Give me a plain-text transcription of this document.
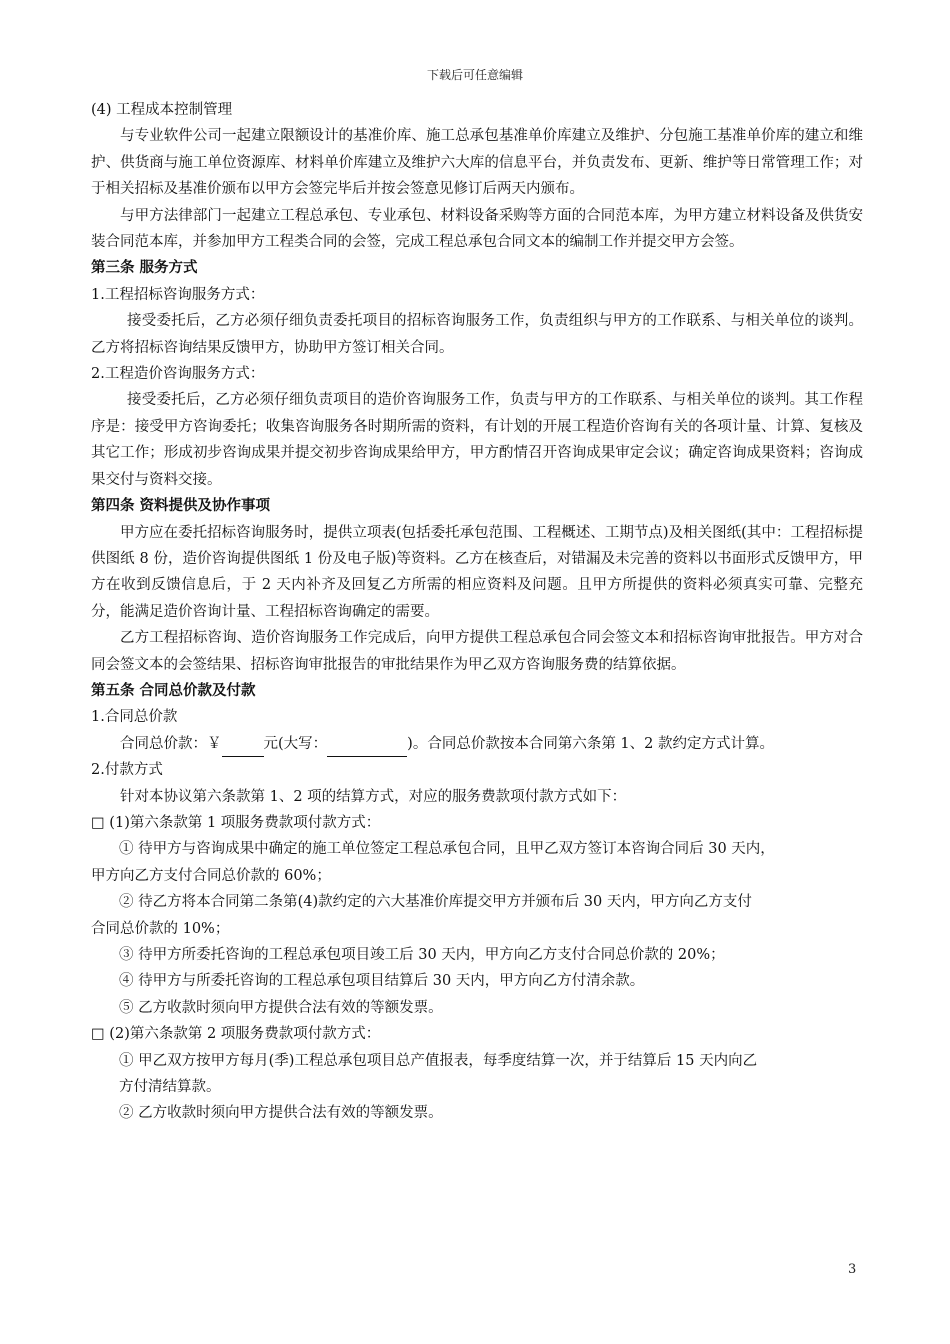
下载后可任意编辑

(4) 工程成本控制管理

与专业软件公司一起建立限额设计的基准价库、施工总承包基准单价库建立及维护、分包施工基准单价库的建立和维护、供货商与施工单位资源库、材料单价库建立及维护六大库的信息平台，并负责发布、更新、维护等日常管理工作；对于相关招标及基准价颁布以甲方会签完毕后并按会签意见修订后两天内颁布。

与甲方法律部门一起建立工程总承包、专业承包、材料设备采购等方面的合同范本库，为甲方建立材料设备及供货安装合同范本库，并参加甲方工程类合同的会签，完成工程总承包合同文本的编制工作并提交甲方会签。

第三条 服务方式

1.工程招标咨询服务方式：

接受委托后，乙方必须仔细负责委托项目的招标咨询服务工作，负责组织与甲方的工作联系、与相关单位的谈判。乙方将招标咨询结果反馈甲方，协助甲方签订相关合同。

2.工程造价咨询服务方式：

接受委托后，乙方必须仔细负责项目的造价咨询服务工作，负责与甲方的工作联系、与相关单位的谈判。其工作程序是：接受甲方咨询委托；收集咨询服务各时期所需的资料，有计划的开展工程造价咨询有关的各项计量、计算、复核及其它工作；形成初步咨询成果并提交初步咨询成果给甲方，甲方酌情召开咨询成果审定会议；确定咨询成果资料；咨询成果交付与资料交接。

第四条 资料提供及协作事项

甲方应在委托招标咨询服务时，提供立项表(包括委托承包范围、工程概述、工期节点)及相关图纸(其中：工程招标提供图纸 8 份，造价咨询提供图纸 1 份及电子版)等资料。乙方在核查后，对错漏及未完善的资料以书面形式反馈甲方，甲方在收到反馈信息后，于 2 天内补齐及回复乙方所需的相应资料及问题。且甲方所提供的资料必须真实可靠、完整充分，能满足造价咨询计量、工程招标咨询确定的需要。

乙方工程招标咨询、造价咨询服务工作完成后，向甲方提供工程总承包合同会签文本和招标咨询审批报告。甲方对合同会签文本的会签结果、招标咨询审批报告的审批结果作为甲乙双方咨询服务费的结算依据。

第五条 合同总价款及付款

1.合同总价款

合同总价款：￥	元(大写：	)。合同总价款按本合同第六条第 1、2 款约定方式计算。

2.付款方式

针对本协议第六条款第 1、2 项的结算方式，对应的服务费款项付款方式如下：

□ (1)第六条款第 1 项服务费款项付款方式：

① 待甲方与咨询成果中确定的施工单位签定工程总承包合同，且甲乙双方签订本咨询合同后 30 天内，

甲方向乙方支付合同总价款的 60%；

② 待乙方将本合同第二条第(4)款约定的六大基准价库提交甲方并颁布后 30 天内，甲方向乙方支付

合同总价款的 10%；

③ 待甲方所委托咨询的工程总承包项目竣工后 30 天内，甲方向乙方支付合同总价款的 20%；

④ 待甲方与所委托咨询的工程总承包项目结算后 30 天内，甲方向乙方付清余款。

⑤ 乙方收款时须向甲方提供合法有效的等额发票。

□ (2)第六条款第 2 项服务费款项付款方式：

① 甲乙双方按甲方每月(季)工程总承包项目总产值报表，每季度结算一次，并于结算后 15 天内向乙

方付清结算款。

② 乙方收款时须向甲方提供合法有效的等额发票。

3
